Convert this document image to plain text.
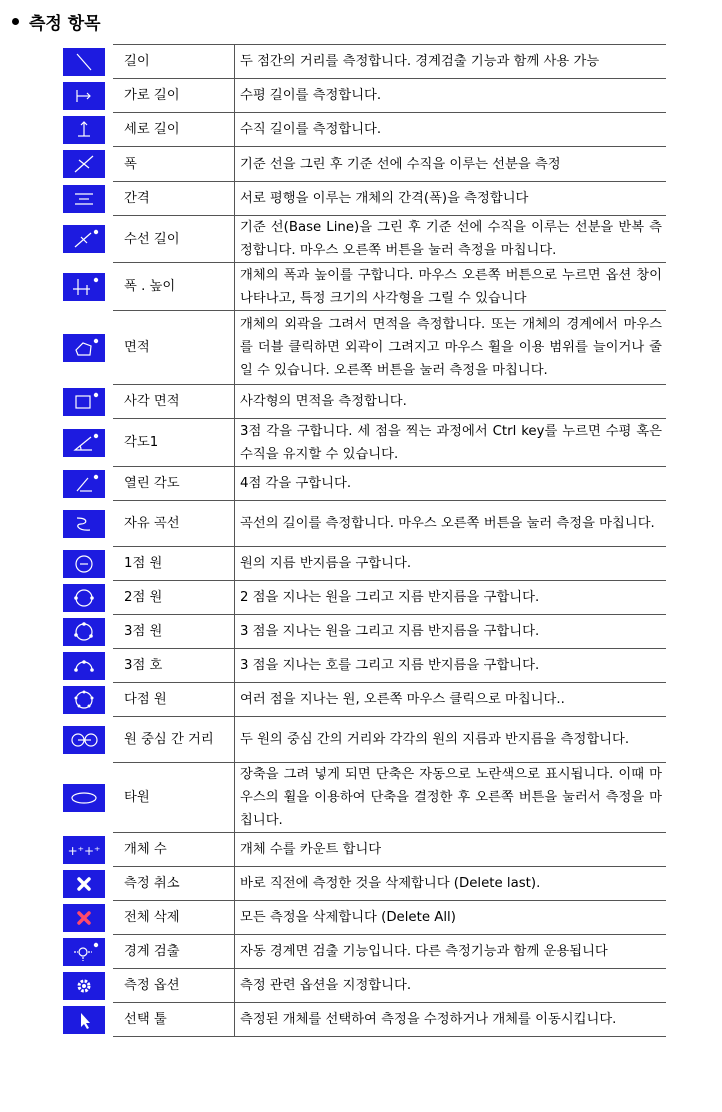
측정 항목
	길이	두 점간의 거리를 측정합니다. 경계검출 기능과 함께 사용 가능

	가로 길이	수평 길이를 측정합니다.

	세로 길이	수직 길이를 측정합니다.

	폭	기준 선을 그린 후 기준 선에 수직을 이루는 선분을 측정

	간격	서로 평행을 이루는 개체의 간격(폭)을 측정합니다

	수선 길이	기준 선(Base Line)을 그린 후 기준 선에 수직을 이루는 선분을 반복 측정합니다. 마우스 오른쪽 버튼을 눌러 측정을 마칩니다.

	폭 . 높이	개체의 폭과 높이를 구합니다. 마우스 오른쪽 버튼으로 누르면 옵션 창이 나타나고, 특정 크기의 사각형을 그릴 수 있습니다

	면적	개체의 외곽을 그려서 면적을 측정합니다. 또는 개체의 경계에서 마우스를 더블 클릭하면 외곽이 그려지고 마우스 휠을 이용 범위를 늘이거나 줄일 수 있습니다. 오른쪽 버튼을 눌러 측정을 마칩니다.

	사각 면적	사각형의 면적을 측정합니다.

	각도1	3점 각을 구합니다. 세 점을 찍는 과정에서 Ctrl key를 누르면 수평 혹은 수직을 유지할 수 있습니다.

	열린 각도	4점 각을 구합니다.

	자유 곡선	곡선의 길이를 측정합니다. 마우스 오른쪽 버튼을 눌러 측정을 마칩니다.

	1점 원	원의 지름 반지름을 구합니다.

	2점 원	2 점을 지나는 원을 그리고 지름 반지름을 구합니다.

	3점 원	3 점을 지나는 원을 그리고 지름 반지름을 구합니다.

	3점 호	3 점을 지나는 호를 그리고 지름 반지름을 구합니다.

	다점 원	여러 점을 지나는 원, 오른쪽 마우스 클릭으로 마칩니다..

	원 중심 간 거리	두 원의 중심 간의 거리와 각각의 원의 지름과 반지름을 측정합니다.

	타원	장축을 그려 넣게 되면 단축은 자동으로 노란색으로 표시됩니다. 이때 마우스의 휠을 이용하여 단축을 결정한 후 오른쪽 버튼을 눌러서 측정을 마칩니다.

+⁺+⁺	개체 수	개체 수를 카운트 합니다

	측정 취소	바로 직전에 측정한 것을 삭제합니다 (Delete last).

	전체 삭제	모든 측정을 삭제합니다 (Delete All)

	경계 검출	자동 경계면 검출 기능입니다. 다른 측정기능과 함께 운용됩니다

	측정 옵션	측정 관련 옵션을 지정합니다.

	선택 툴	측정된 개체를 선택하여 측정을 수정하거나 개체를 이동시킵니다.
